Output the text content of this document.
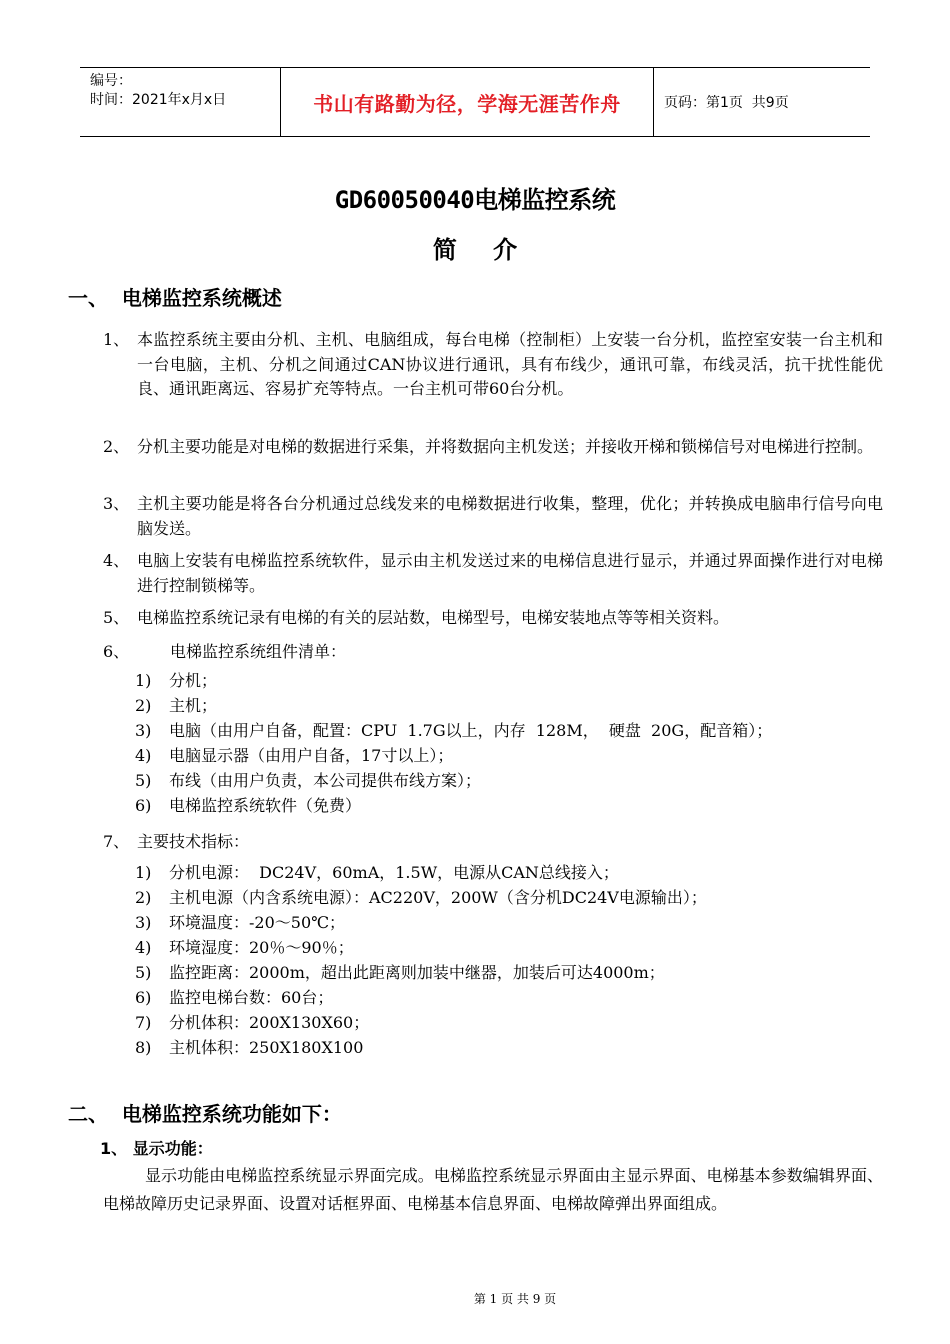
编号：
时间：2021年x月x日	书山有路勤为径，学海无涯苦作舟	页码：第1页  共9页
GD60050040电梯监控系统
简 介
一、  电梯监控系统概述
1、 本监控系统主要由分机、主机、电脑组成，每台电梯（控制柜）上安装一台分机，监控室安装一台主机和一台电脑，主机、分机之间通过CAN协议进行通讯，具有布线少，通讯可靠，布线灵活，抗干扰性能优良、通讯距离远、容易扩充等特点。一台主机可带60台分机。
2、 分机主要功能是对电梯的数据进行采集，并将数据向主机发送；并接收开梯和锁梯信号对电梯进行控制。
3、 主机主要功能是将各台分机通过总线发来的电梯数据进行收集，整理，优化；并转换成电脑串行信号向电脑发送。
4、 电脑上安装有电梯监控系统软件，显示由主机发送过来的电梯信息进行显示，并通过界面操作进行对电梯进行控制锁梯等。
5、 电梯监控系统记录有电梯的有关的层站数，电梯型号，电梯安装地点等等相关资料。
6、	电梯监控系统组件清单：
1)	分机；
2)	主机；
3)	电脑（由用户自备，配置：CPU  1.7G以上，内存  128M，  硬盘  20G，配音箱）；
4)	电脑显示器（由用户自备，17寸以上）；
5)	布线（由用户负责，本公司提供布线方案）；
6)	电梯监控系统软件（免费）
7、 主要技术指标：
1)	分机电源：  DC24V，60mA，1.5W，电源从CAN总线接入；
2)	主机电源（内含系统电源）：AC220V，200W（含分机DC24V电源输出）；
3)	环境温度：-20～50℃；
4)	环境湿度：20％～90％；
5)	监控距离：2000m，超出此距离则加装中继器，加装后可达4000m；
6)	监控电梯台数：60台；
7)	分机体积：200X130X60；
8)	主机体积：250X180X100
二、  电梯监控系统功能如下：
1、 显示功能：
显示功能由电梯监控系统显示界面完成。电梯监控系统显示界面由主显示界面、电梯基本参数编辑界面、电梯故障历史记录界面、设置对话框界面、电梯基本信息界面、电梯故障弹出界面组成。
第 1 页 共 9 页
